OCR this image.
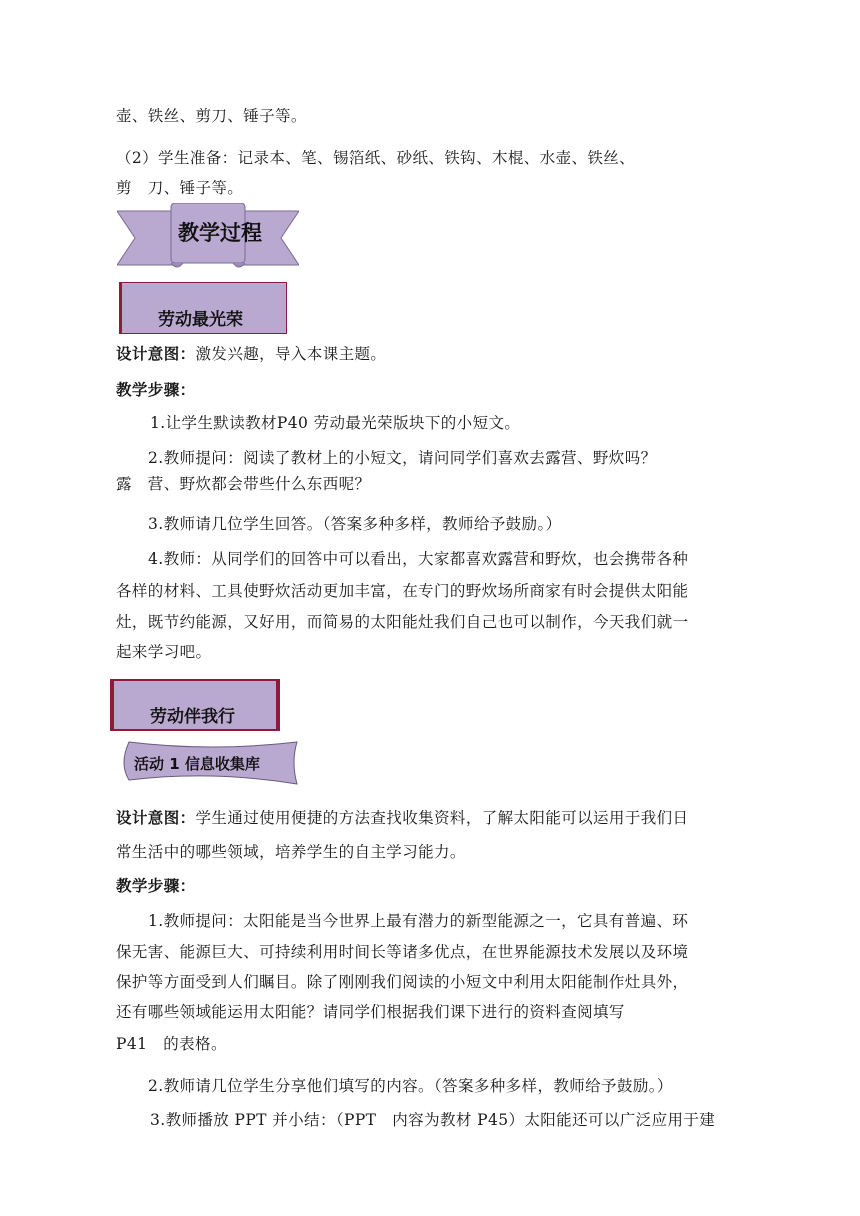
壶、铁丝、剪刀、锤子等。
（2）学生准备：记录本、笔、锡箔纸、砂纸、铁钩、木棍、水壶、铁丝、
剪　刀、锤子等。
教学过程
劳动最光荣
设计意图：激发兴趣，导入本课主题。
教学步骤：
1.让学生默读教材P40 劳动最光荣版块下的小短文。
2.教师提问：阅读了教材上的小短文，请问同学们喜欢去露营、野炊吗？
露　营、野炊都会带些什么东西呢？
3.教师请几位学生回答。（答案多种多样，教师给予鼓励。）
4.教师：从同学们的回答中可以看出，大家都喜欢露营和野炊，也会携带各种
各样的材料、工具使野炊活动更加丰富，在专门的野炊场所商家有时会提供太阳能
灶，既节约能源，又好用，而简易的太阳能灶我们自己也可以制作，今天我们就一
起来学习吧。
劳动伴我行
活动 1 信息收集库
设计意图：学生通过使用便捷的方法查找收集资料，了解太阳能可以运用于我们日
常生活中的哪些领域，培养学生的自主学习能力。
教学步骤：
1.教师提问：太阳能是当今世界上最有潜力的新型能源之一，它具有普遍、环
保无害、能源巨大、可持续利用时间长等诸多优点，在世界能源技术发展以及环境
保护等方面受到人们瞩目。除了刚刚我们阅读的小短文中利用太阳能制作灶具外，
还有哪些领域能运用太阳能？请同学们根据我们课下进行的资料查阅填写
P41　的表格。
2.教师请几位学生分享他们填写的内容。（答案多种多样，教师给予鼓励。）
3.教师播放 PPT 并小结：（PPT　内容为教材 P45）太阳能还可以广泛应用于建
